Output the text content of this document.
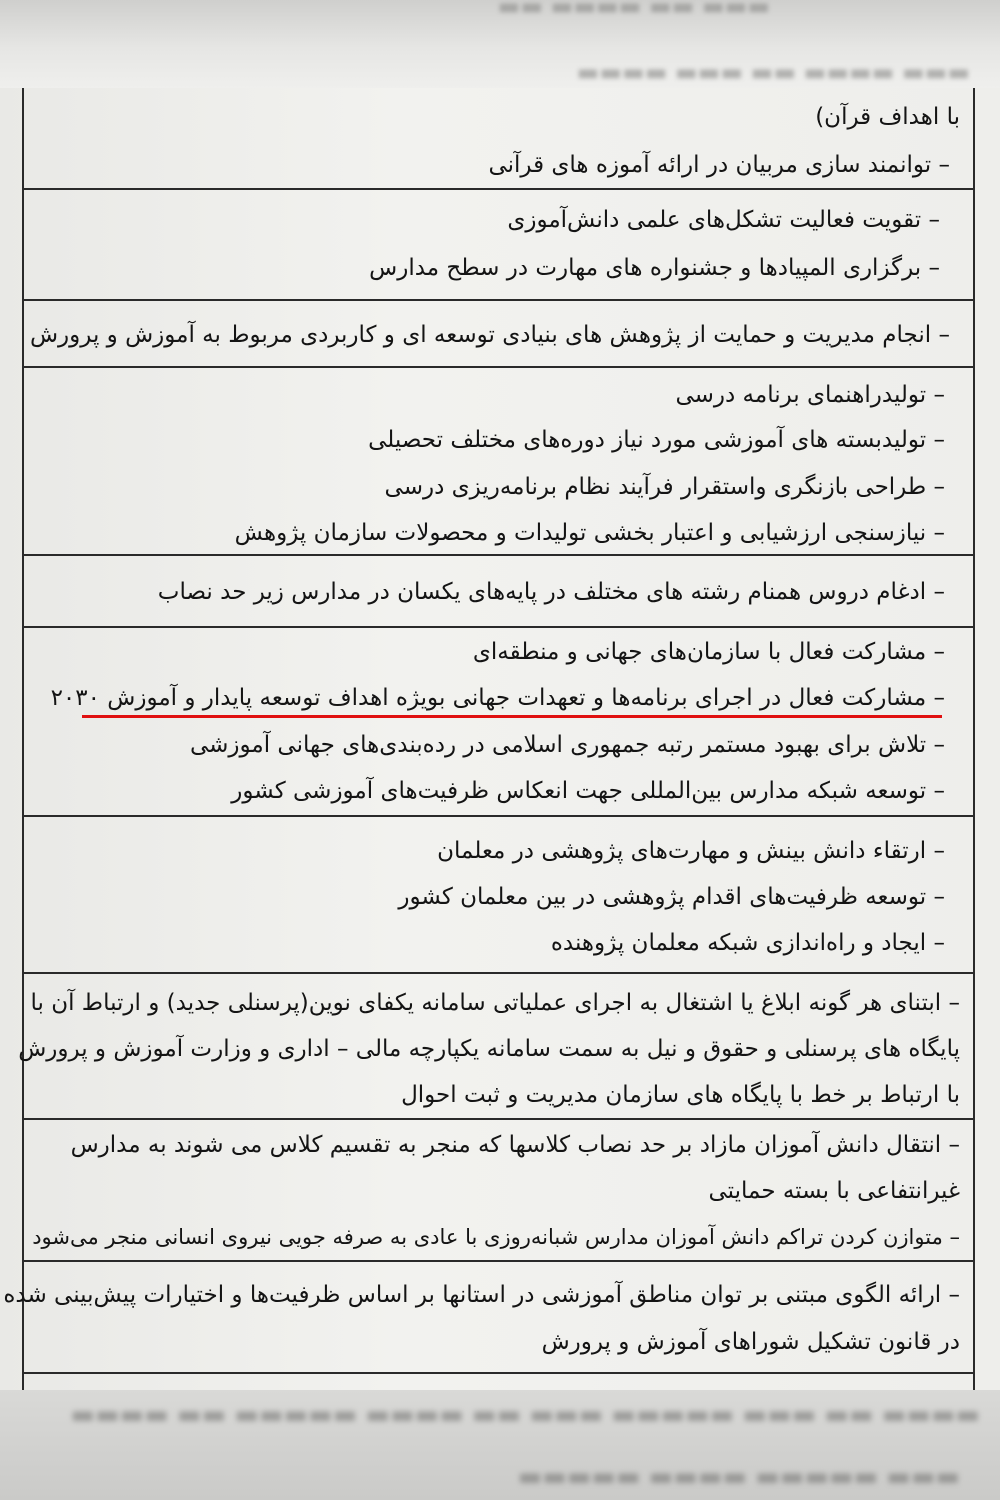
▬▬▬ ▬▬ ▬▬▬▬ ▬▬
▬▬▬ ▬▬▬▬ ▬▬ ▬▬▬ ▬▬▬▬
با اهداف قرآن)
– توانمند سازی مربیان در ارائه آموزه های قرآنی
– تقویت فعالیت تشکل‌های علمی دانش‌آموزی
– برگزاری المپیادها و جشنواره های مهارت در سطح مدارس
– انجام مدیریت و حمایت از پژوهش های بنیادی توسعه ای و کاربردی مربوط به آموزش و پرورش
– تولیدراهنمای برنامه درسی
– تولیدبسته های آموزشی مورد نیاز دوره‌های مختلف تحصیلی
– طراحی بازنگری واستقرار فرآیند نظام برنامه‌ریزی درسی
– نیازسنجی ارزشیابی و اعتبار بخشی تولیدات و محصولات سازمان پژوهش
– ادغام دروس همنام رشته های مختلف در پایه‌های یکسان در مدارس زیر حد نصاب
– مشارکت فعال با سازمان‌های جهانی و منطقه‌ای
– مشارکت فعال در اجرای برنامه‌ها و تعهدات جهانی بویژه اهداف توسعه پایدار و آموزش ۲۰۳۰
– تلاش برای بهبود مستمر رتبه جمهوری اسلامی در رده‌بندی‌های جهانی آموزشی
– توسعه شبکه مدارس بین‌المللی جهت انعکاس ظرفیت‌های آموزشی کشور
– ارتقاء دانش بینش و مهارت‌های پژوهشی در معلمان
– توسعه ظرفیت‌های اقدام پژوهشی در بین معلمان کشور
– ایجاد و راه‌اندازی شبکه معلمان پژوهنده
– ابتنای هر گونه ابلاغ یا اشتغال به اجرای عملیاتی سامانه یکفای نوین(پرسنلی جدید) و ارتباط آن با
پایگاه های پرسنلی و حقوق و نیل به سمت سامانه یکپارچه مالی – اداری و وزارت آموزش و پرورش
با ارتباط بر خط با پایگاه های سازمان مدیریت و ثبت احوال
– انتقال دانش آموزان مازاد بر حد نصاب کلاسها که منجر به تقسیم کلاس می شوند به مدارس
غیرانتفاعی با بسته حمایتی
– متوازن کردن تراکم دانش آموزان مدارس شبانه‌روزی با عادی به صرفه جویی نیروی انسانی منجر می‌شود
– ارائه الگوی مبتنی بر توان مناطق آموزشی در استانها بر اساس ظرفیت‌ها و اختیارات پیش‌بینی شده
در قانون تشکیل شوراهای آموزش و پرورش
▬▬▬▬ ▬▬ ▬▬▬ ▬▬▬▬▬ ▬▬▬ ▬▬ ▬▬▬▬ ▬▬▬▬▬ ▬▬ ▬▬▬▬
▬▬▬ ▬▬▬▬▬ ▬▬▬▬ ▬▬▬▬▬
